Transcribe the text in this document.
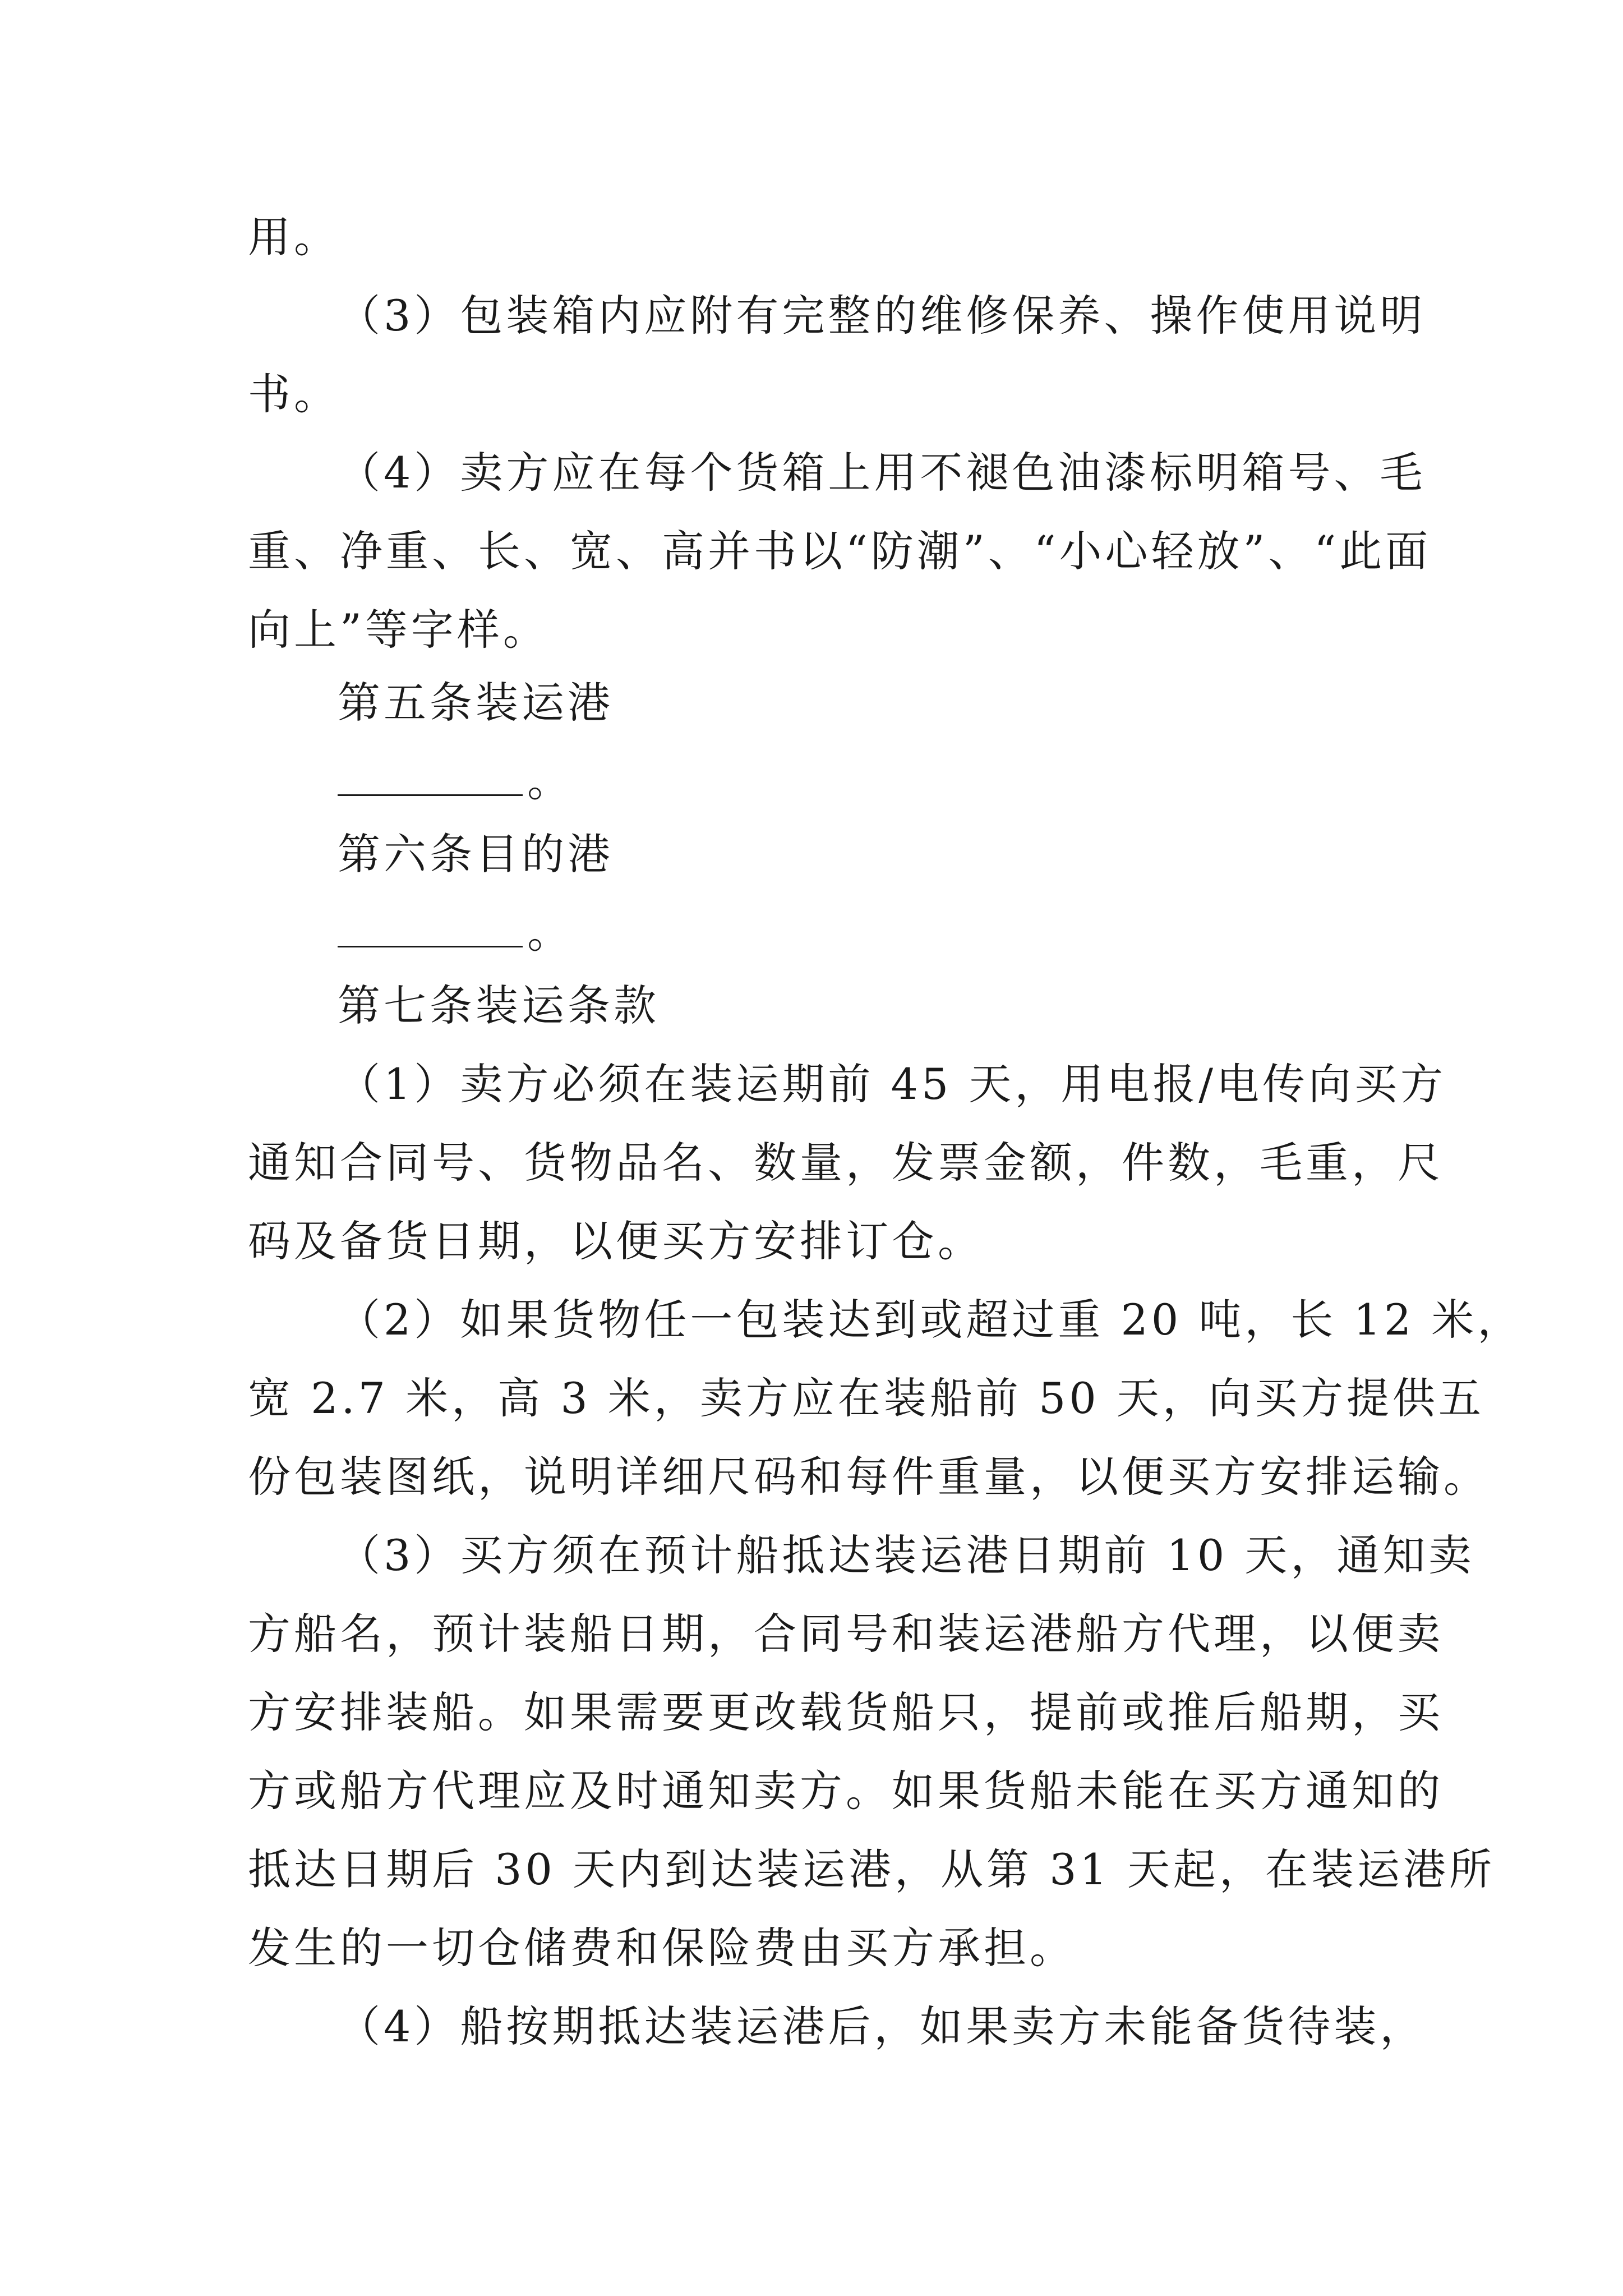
用。
（3）包装箱内应附有完整的维修保养、操作使用说明
书。
（4）卖方应在每个货箱上用不褪色油漆标明箱号、毛
重、净重、长、宽、高并书以“防潮”、“小心轻放”、“此面
向上”等字样。
第五条装运港
。
第六条目的港
。
第七条装运条款
（1）卖方必须在装运期前 45 天，用电报/电传向买方
通知合同号、货物品名、数量，发票金额，件数，毛重，尺
码及备货日期，以便买方安排订仓。
（2）如果货物任一包装达到或超过重 20 吨，长 12 米，
宽 2.7 米，高 3 米，卖方应在装船前 50 天，向买方提供五
份包装图纸，说明详细尺码和每件重量，以便买方安排运输。
（3）买方须在预计船抵达装运港日期前 10 天，通知卖
方船名，预计装船日期，合同号和装运港船方代理，以便卖
方安排装船。如果需要更改载货船只，提前或推后船期，买
方或船方代理应及时通知卖方。如果货船未能在买方通知的
抵达日期后 30 天内到达装运港，从第 31 天起，在装运港所
发生的一切仓储费和保险费由买方承担。
（4）船按期抵达装运港后，如果卖方未能备货待装，
